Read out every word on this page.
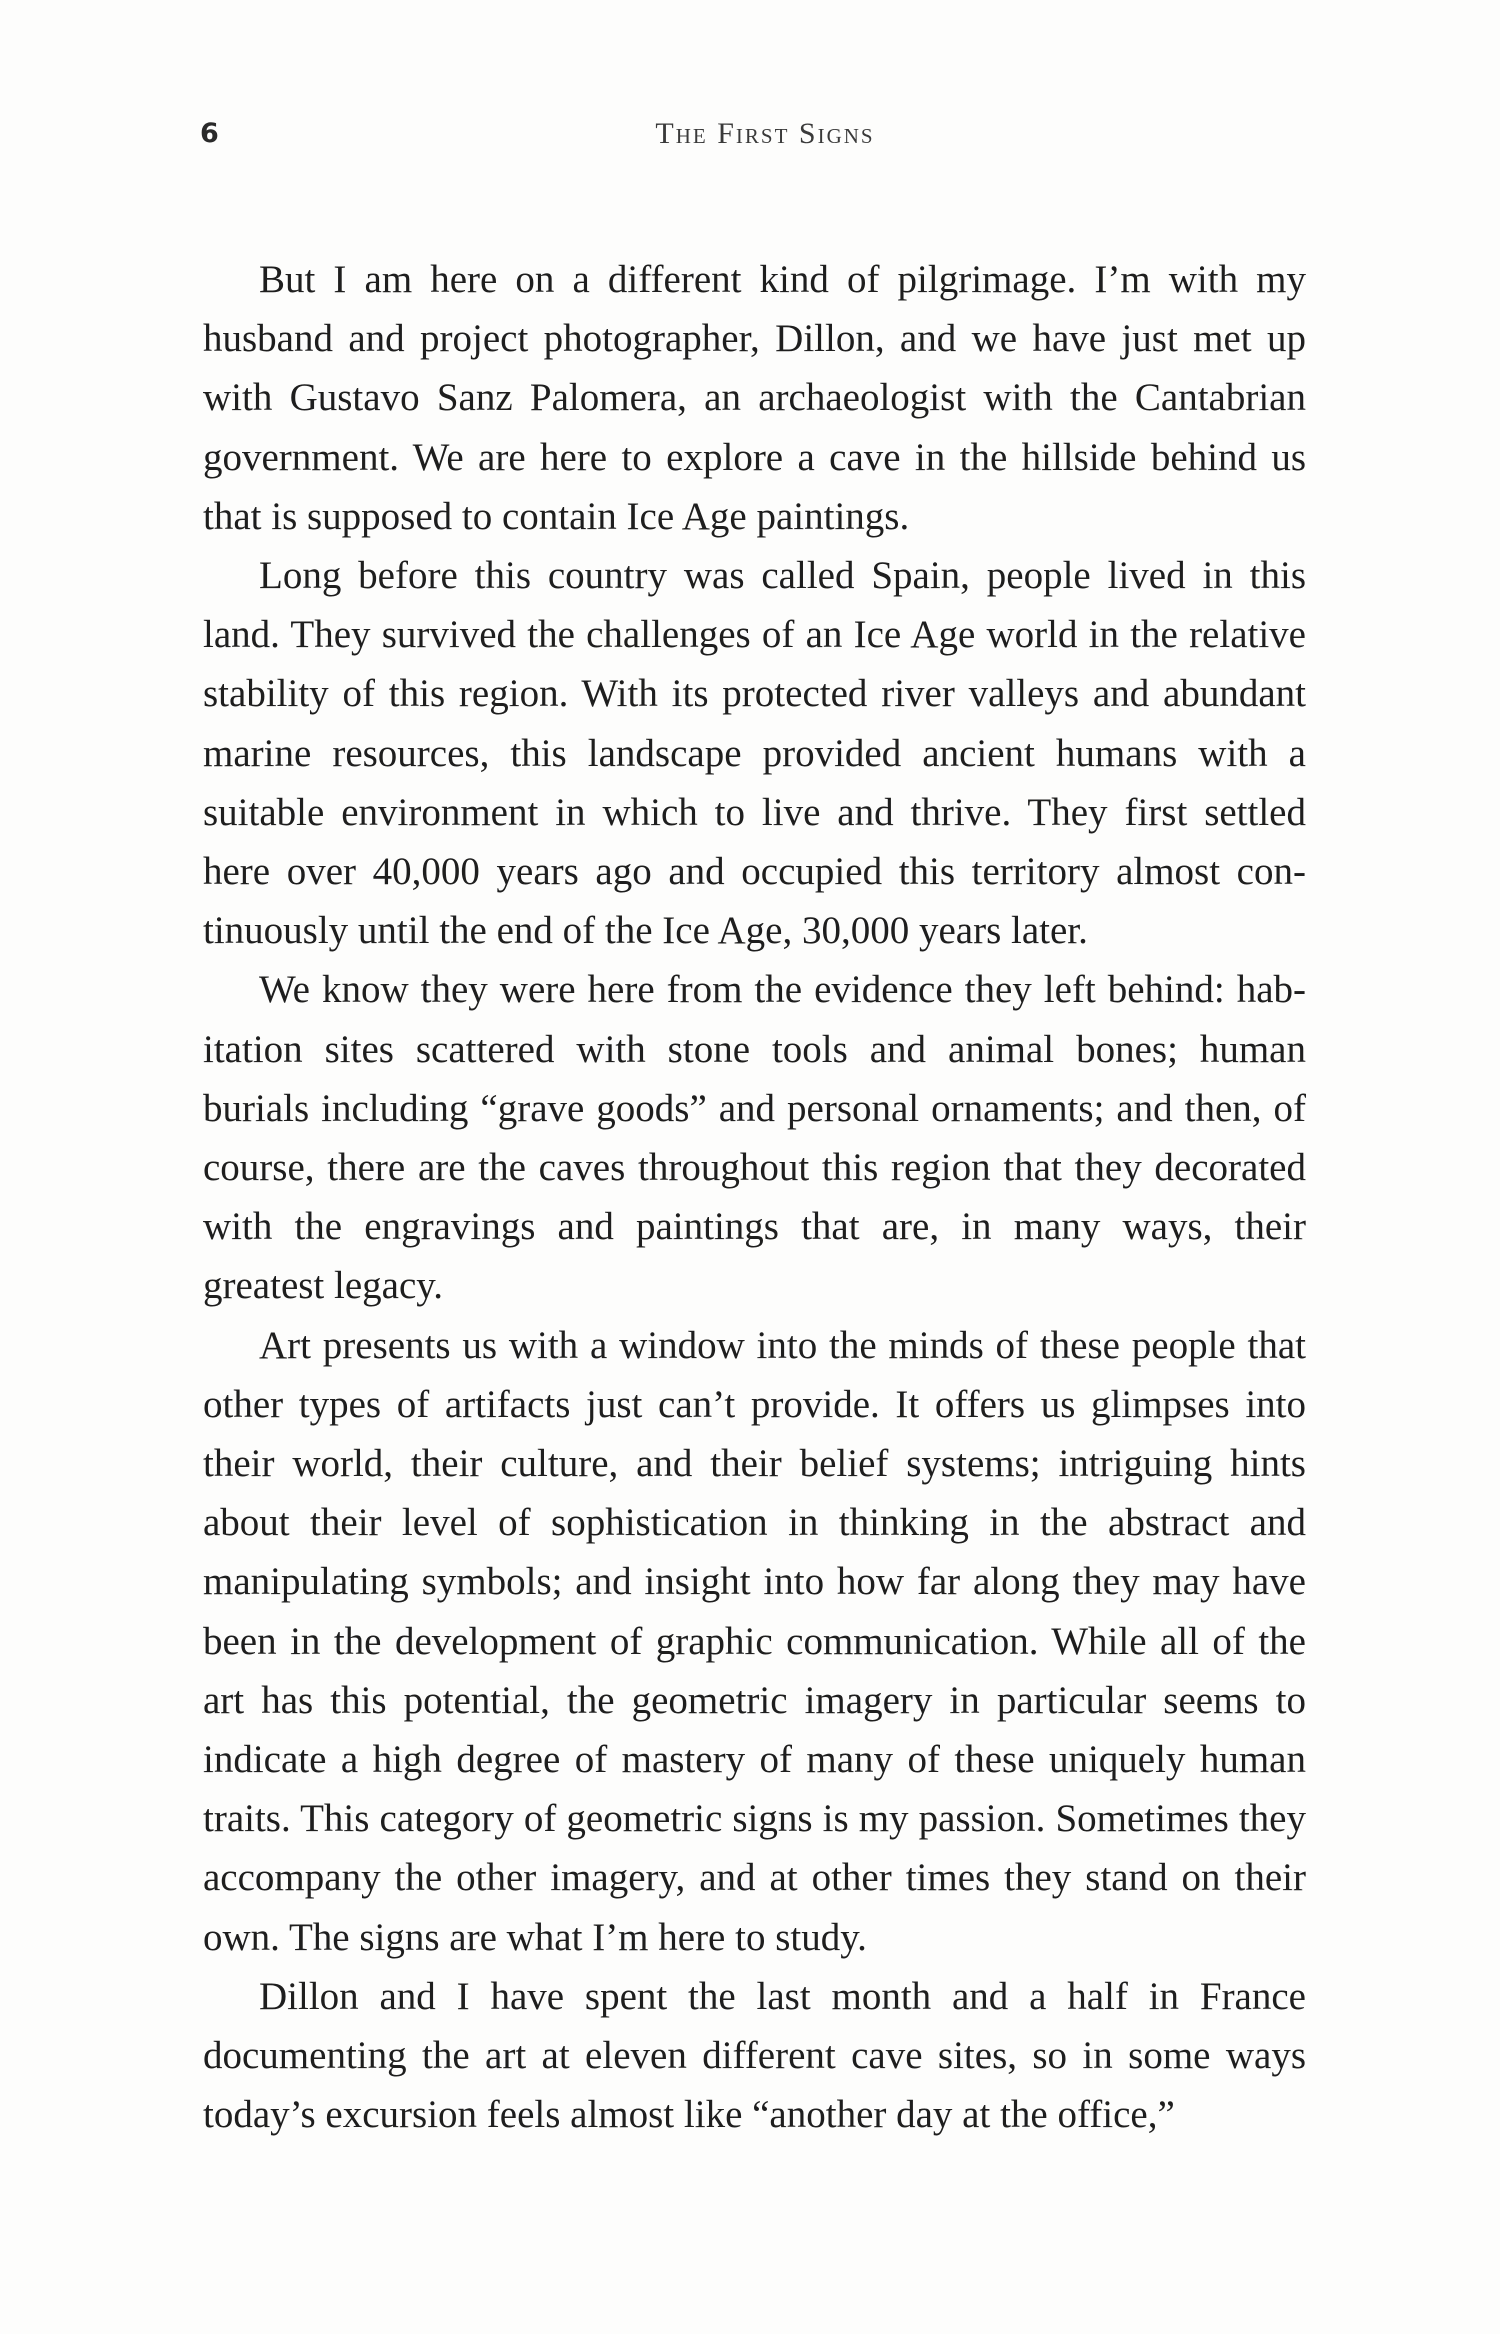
6	The First Signs

But I am here on a different kind of pilgrimage. I’m with my husband and project photographer, Dillon, and we have just met up with Gustavo Sanz Palomera, an archaeologist with the Cantabrian government. We are here to explore a cave in the hillside behind us that is supposed to contain Ice Age paintings.

Long before this country was called Spain, people lived in this land. They survived the challenges of an Ice Age world in the relative stability of this region. With its protected river valleys and abundant marine resources, this landscape provided ancient humans with a suitable environment in which to live and thrive. They first settled here over 40,000 years ago and occupied this territory almost continuously until the end of the Ice Age, 30,000 years later.

We know they were here from the evidence they left behind: habitation sites scattered with stone tools and animal bones; human burials including “grave goods” and personal ornaments; and then, of course, there are the caves throughout this region that they decorated with the engravings and paintings that are, in many ways, their greatest legacy.

Art presents us with a window into the minds of these people that other types of artifacts just can’t provide. It offers us glimpses into their world, their culture, and their belief systems; intriguing hints about their level of sophistication in thinking in the abstract and manipulating symbols; and insight into how far along they may have been in the development of graphic communication. While all of the art has this potential, the geometric imagery in particular seems to indicate a high degree of mastery of many of these uniquely human traits. This category of geometric signs is my passion. Sometimes they accompany the other imagery, and at other times they stand on their own. The signs are what I’m here to study.

Dillon and I have spent the last month and a half in France documenting the art at eleven different cave sites, so in some ways today’s excursion feels almost like “another day at the office,”
